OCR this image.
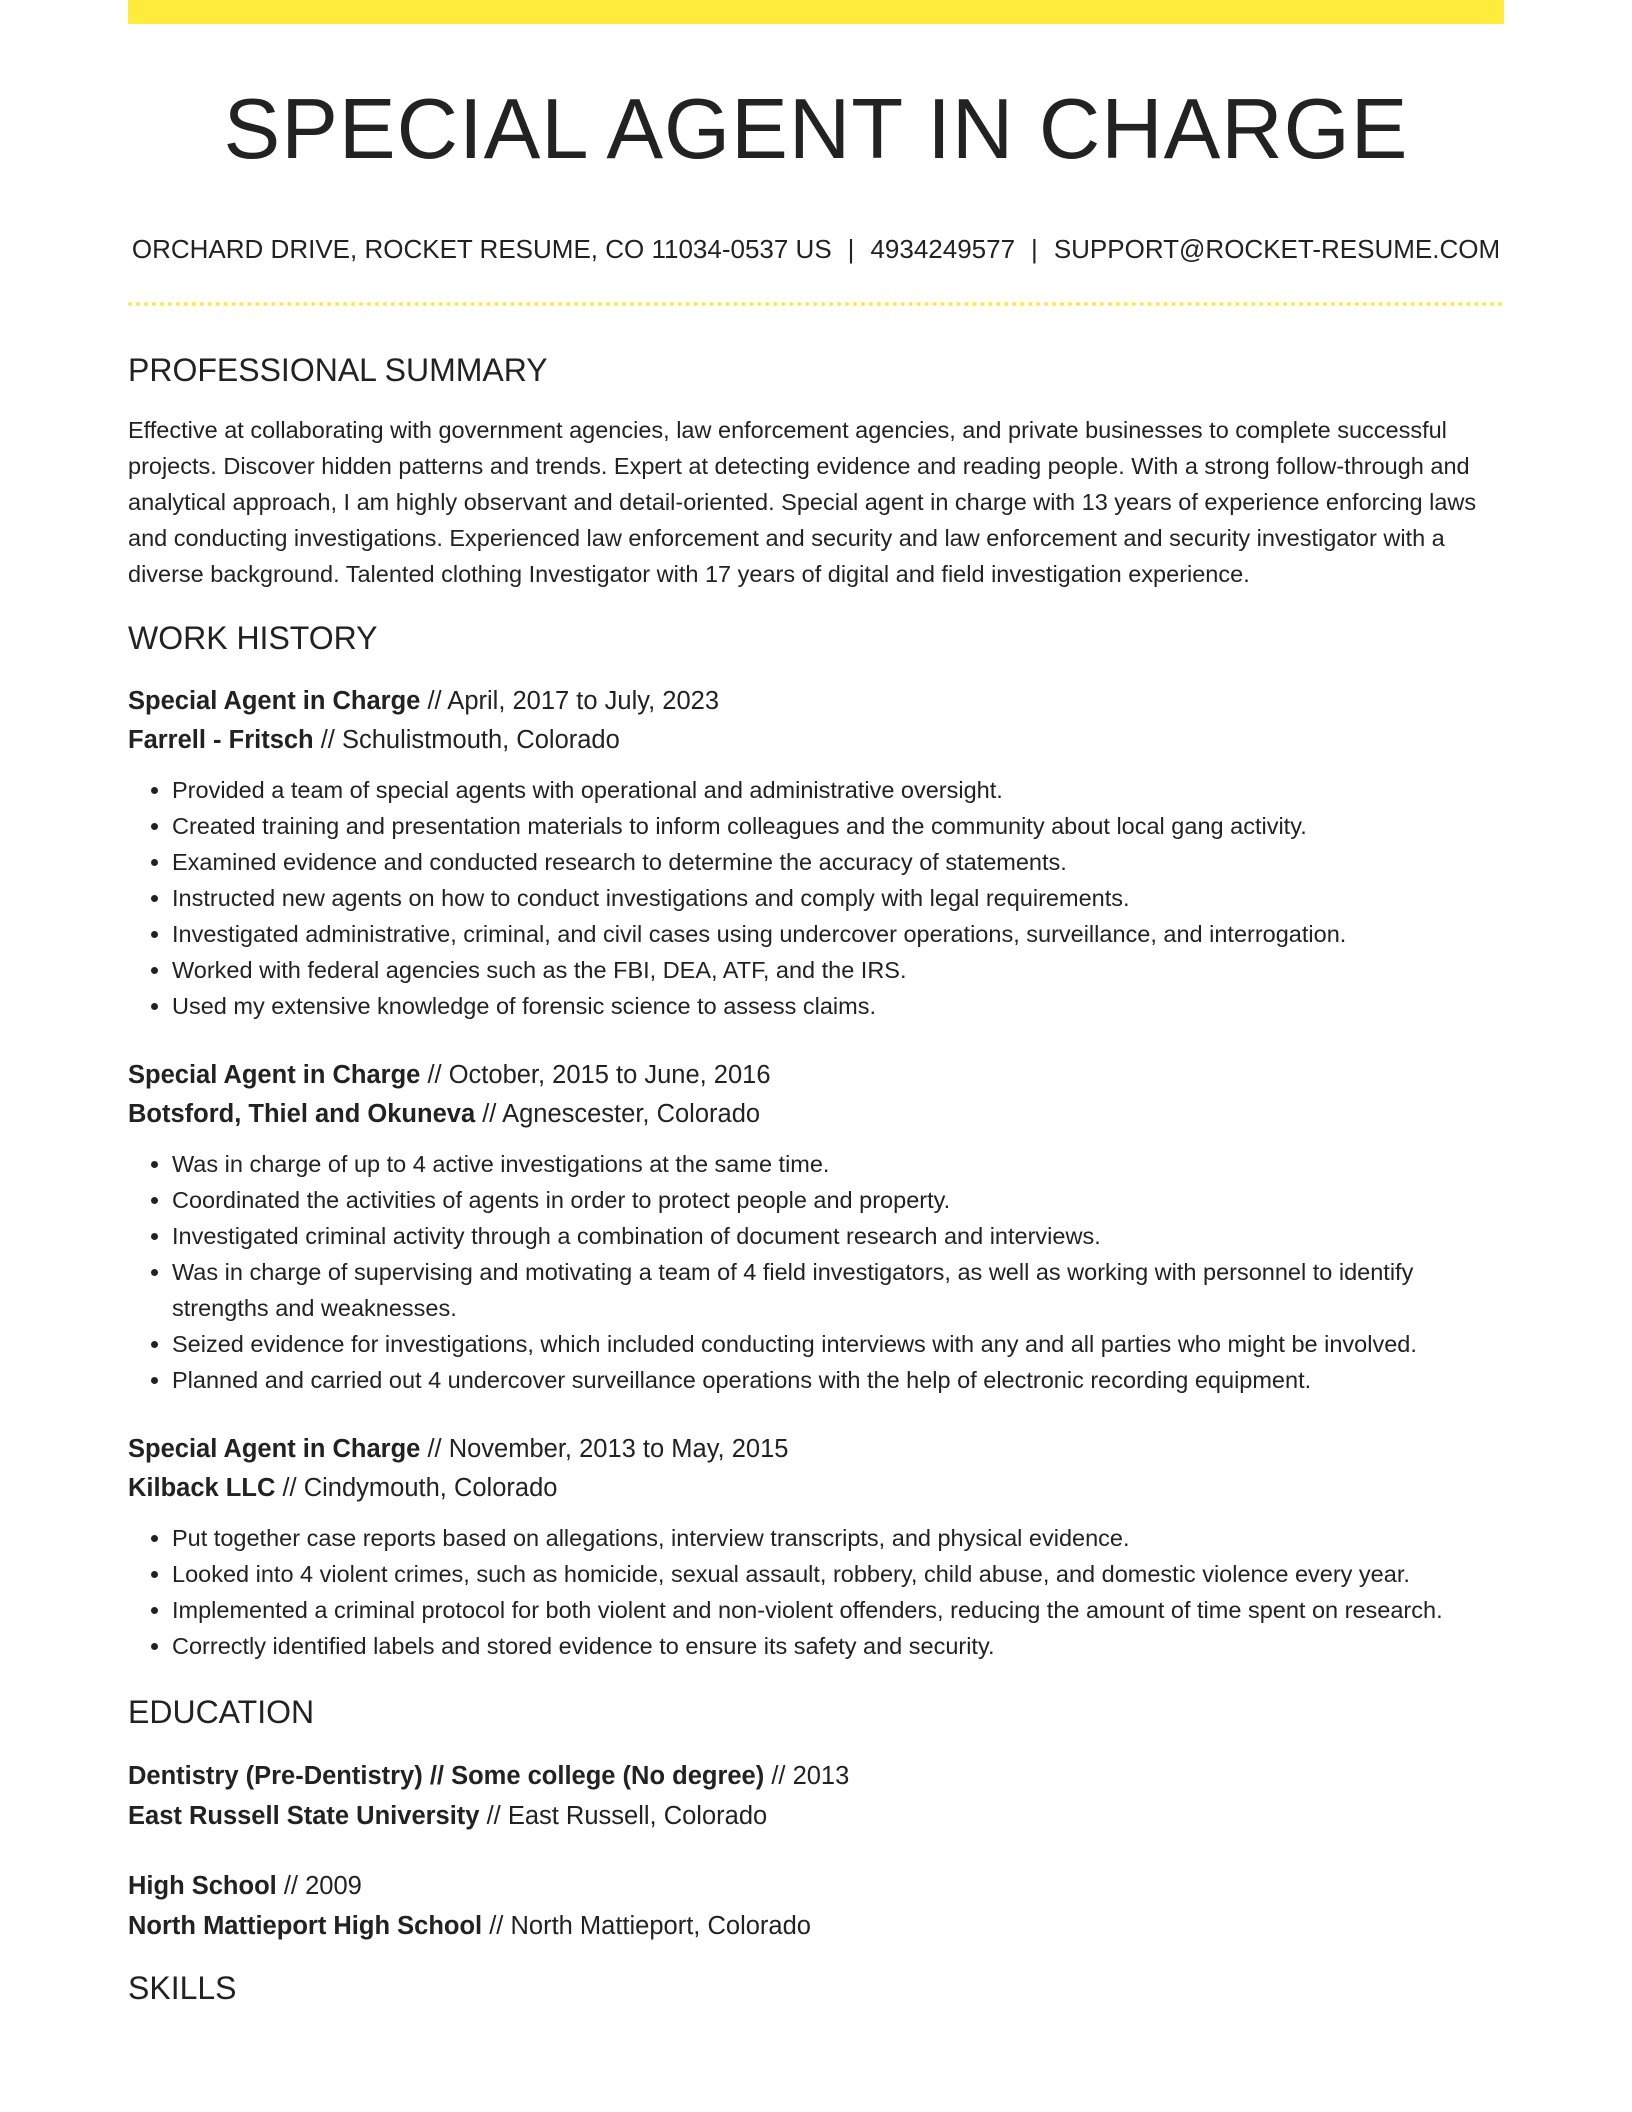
SPECIAL AGENT IN CHARGE
ORCHARD DRIVE, ROCKET RESUME, CO 11034-0537 US | 4934249577 | SUPPORT@ROCKET-RESUME.COM
PROFESSIONAL SUMMARY
Effective at collaborating with government agencies, law enforcement agencies, and private businesses to complete successful projects. Discover hidden patterns and trends. Expert at detecting evidence and reading people. With a strong follow-through and analytical approach, I am highly observant and detail-oriented. Special agent in charge with 13 years of experience enforcing laws and conducting investigations. Experienced law enforcement and security and law enforcement and security investigator with a diverse background. Talented clothing Investigator with 17 years of digital and field investigation experience.
WORK HISTORY
Special Agent in Charge // April, 2017 to July, 2023
Farrell - Fritsch // Schulistmouth, Colorado
• Provided a team of special agents with operational and administrative oversight.
• Created training and presentation materials to inform colleagues and the community about local gang activity.
• Examined evidence and conducted research to determine the accuracy of statements.
• Instructed new agents on how to conduct investigations and comply with legal requirements.
• Investigated administrative, criminal, and civil cases using undercover operations, surveillance, and interrogation.
• Worked with federal agencies such as the FBI, DEA, ATF, and the IRS.
• Used my extensive knowledge of forensic science to assess claims.
Special Agent in Charge // October, 2015 to June, 2016
Botsford, Thiel and Okuneva // Agnescester, Colorado
• Was in charge of up to 4 active investigations at the same time.
• Coordinated the activities of agents in order to protect people and property.
• Investigated criminal activity through a combination of document research and interviews.
• Was in charge of supervising and motivating a team of 4 field investigators, as well as working with personnel to identify strengths and weaknesses.
• Seized evidence for investigations, which included conducting interviews with any and all parties who might be involved.
• Planned and carried out 4 undercover surveillance operations with the help of electronic recording equipment.
Special Agent in Charge // November, 2013 to May, 2015
Kilback LLC // Cindymouth, Colorado
• Put together case reports based on allegations, interview transcripts, and physical evidence.
• Looked into 4 violent crimes, such as homicide, sexual assault, robbery, child abuse, and domestic violence every year.
• Implemented a criminal protocol for both violent and non-violent offenders, reducing the amount of time spent on research.
• Correctly identified labels and stored evidence to ensure its safety and security.
EDUCATION
Dentistry (Pre-Dentistry) // Some college (No degree) // 2013
East Russell State University // East Russell, Colorado
High School // 2009
North Mattieport High School // North Mattieport, Colorado
SKILLS
